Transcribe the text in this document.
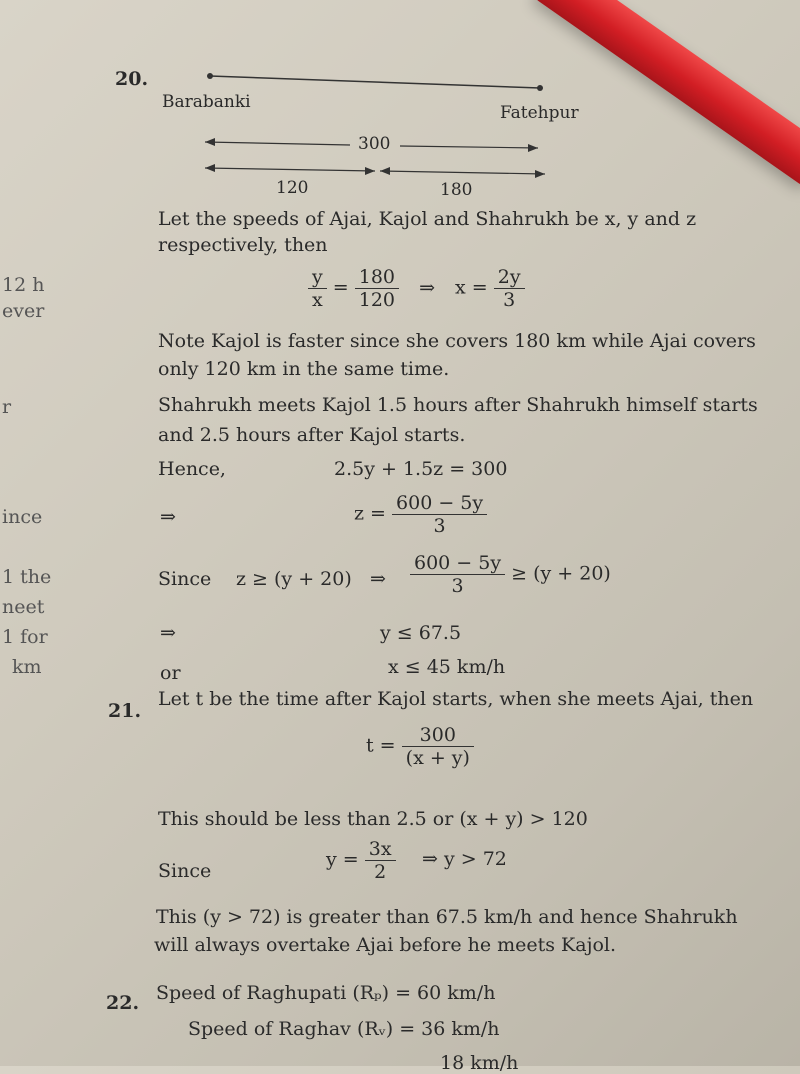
12 h
ever
r
ince
1 the
neet
1 for
km
20.
Barabanki
Fatehpur
300
120	180
Let the speeds of Ajai, Kajol and Shahrukh be x, y and z
respectively, then
$\frac{y}{x} = \frac{180}{120}$ ⇒ $x = \frac{2y}{3}$
Note Kajol is faster since she covers 180 km while Ajai covers
only 120 km in the same time.
Shahrukh meets Kajol 1.5 hours after Shahrukh himself starts
and 2.5 hours after Kajol starts.
Hence,	2.5y + 1.5z = 300
⇒	$z = \frac{600 - 5y}{3}$
Since z ≥ (y + 20) ⇒ $\frac{600 - 5y}{3} \ge (y + 20)$
⇒	y ≤ 67.5
or	x ≤ 45 km/h
21.
Let t be the time after Kajol starts, when she meets Ajai, then
$t = \frac{300}{(x + y)}$
This should be less than 2.5 or (x + y) > 120
Since
$y = \frac{3x}{2}$ ⇒ y > 72
This (y > 72) is greater than 67.5 km/h and hence Shahrukh
will always overtake Ajai before he meets Kajol.
22. Speed of Raghupati (Rₚ) = 60 km/h
Speed of Raghav (Rᵥ) = 36 km/h
18 km/h
